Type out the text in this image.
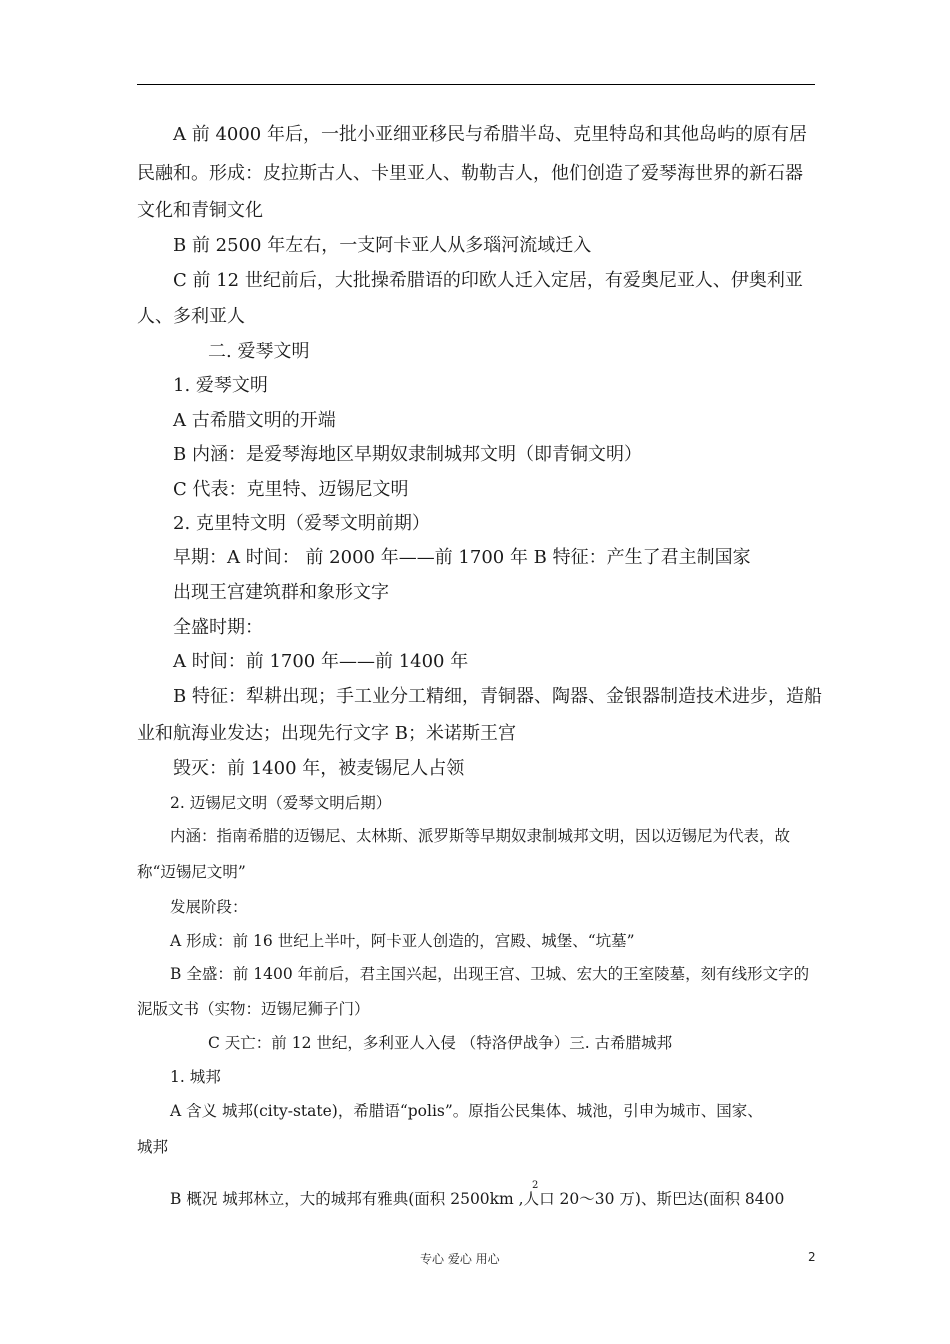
A 前 4000 年后，一批小亚细亚移民与希腊半岛、克里特岛和其他岛屿的原有居
民融和。形成：皮拉斯古人、卡里亚人、勒勒吉人，他们创造了爱琴海世界的新石器
文化和青铜文化
B 前 2500 年左右，一支阿卡亚人从多瑙河流域迁入
C 前 12 世纪前后，大批操希腊语的印欧人迁入定居，有爱奥尼亚人、伊奥利亚
人、多利亚人
二. 爱琴文明
1. 爱琴文明
A 古希腊文明的开端
B 内涵：是爱琴海地区早期奴隶制城邦文明（即青铜文明）
C 代表：克里特、迈锡尼文明
2. 克里特文明（爱琴文明前期）
早期：A 时间： 前 2000 年——前 1700 年 B 特征：产生了君主制国家
出现王宫建筑群和象形文字
全盛时期：
A 时间：前 1700 年——前 1400 年
B 特征：犁耕出现；手工业分工精细，青铜器、陶器、金银器制造技术进步，造船
业和航海业发达；出现先行文字 B；米诺斯王宫
毁灭：前 1400 年，被麦锡尼人占领
2. 迈锡尼文明（爱琴文明后期）
内涵：指南希腊的迈锡尼、太林斯、派罗斯等早期奴隶制城邦文明，因以迈锡尼为代表，故
称“迈锡尼文明”
发展阶段：
A 形成：前 16 世纪上半叶，阿卡亚人创造的，宫殿、城堡、“坑墓”
B 全盛：前 1400 年前后，君主国兴起，出现王宫、卫城、宏大的王室陵墓，刻有线形文字的
泥版文书（实物：迈锡尼狮子门）
C 天亡：前 12 世纪，多利亚人入侵 （特洛伊战争）三. 古希腊城邦
1. 城邦
A 含义 城邦(city-state)，希腊语“polis”。原指公民集体、城池，引申为城市、国家、
城邦
2
B 概况 城邦林立，大的城邦有雅典(面积 2500km ,人口 20～30 万)、斯巴达(面积 8400
专心 爱心 用心	2
